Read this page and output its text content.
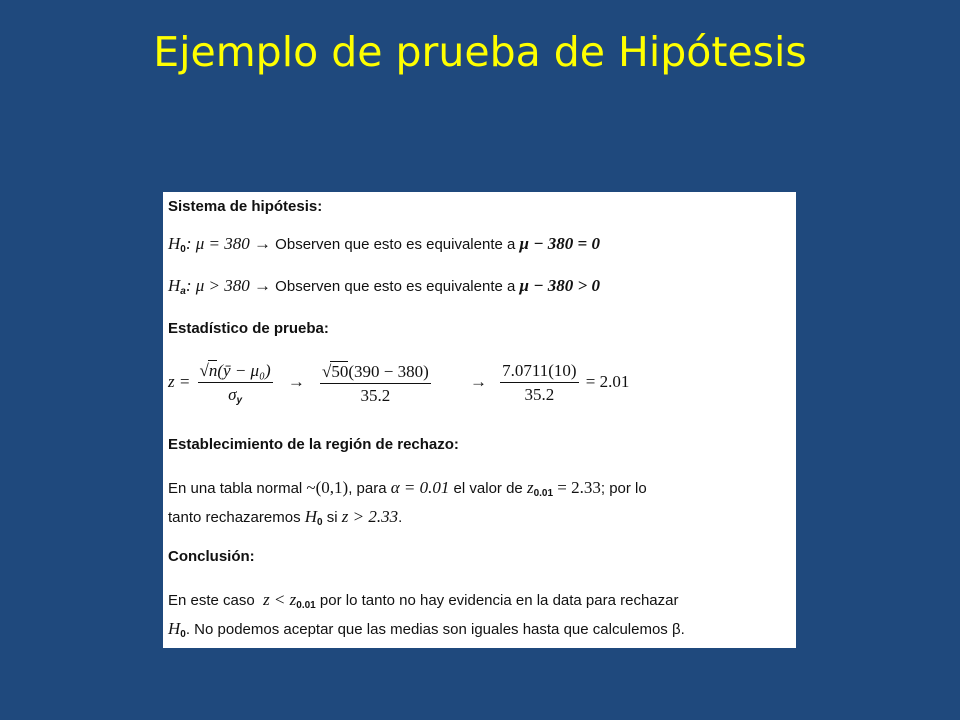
Ejemplo de prueba de Hipótesis
Sistema de hipótesis:
$H_0$: μ = 380 → Observen que esto es equivalente a μ − 380 = 0
$H_a$: μ > 380 → Observen que esto es equivalente a μ − 380 > 0
Estadístico de prueba:
$z = \frac{\text{√n(ȳ − μ₀)}}{\sigma_y} \to \frac{√50(390 - 380)}{35.2} \to \frac{7.0711(10)}{35.2} = 2.01$
Establecimiento de la región de rechazo:
En una tabla normal ~(0,1), para α = 0.01 el valor de $z_{0.01} = 2.33$; por lo
tanto rechazaremos $H_0$ si z > 2.33.
Conclusión:
En este caso  $z < z_{0.01}$ por lo tanto no hay evidencia en la data para rechazar
$H_0$. No podemos aceptar que las medias son iguales hasta que calculemos β.
